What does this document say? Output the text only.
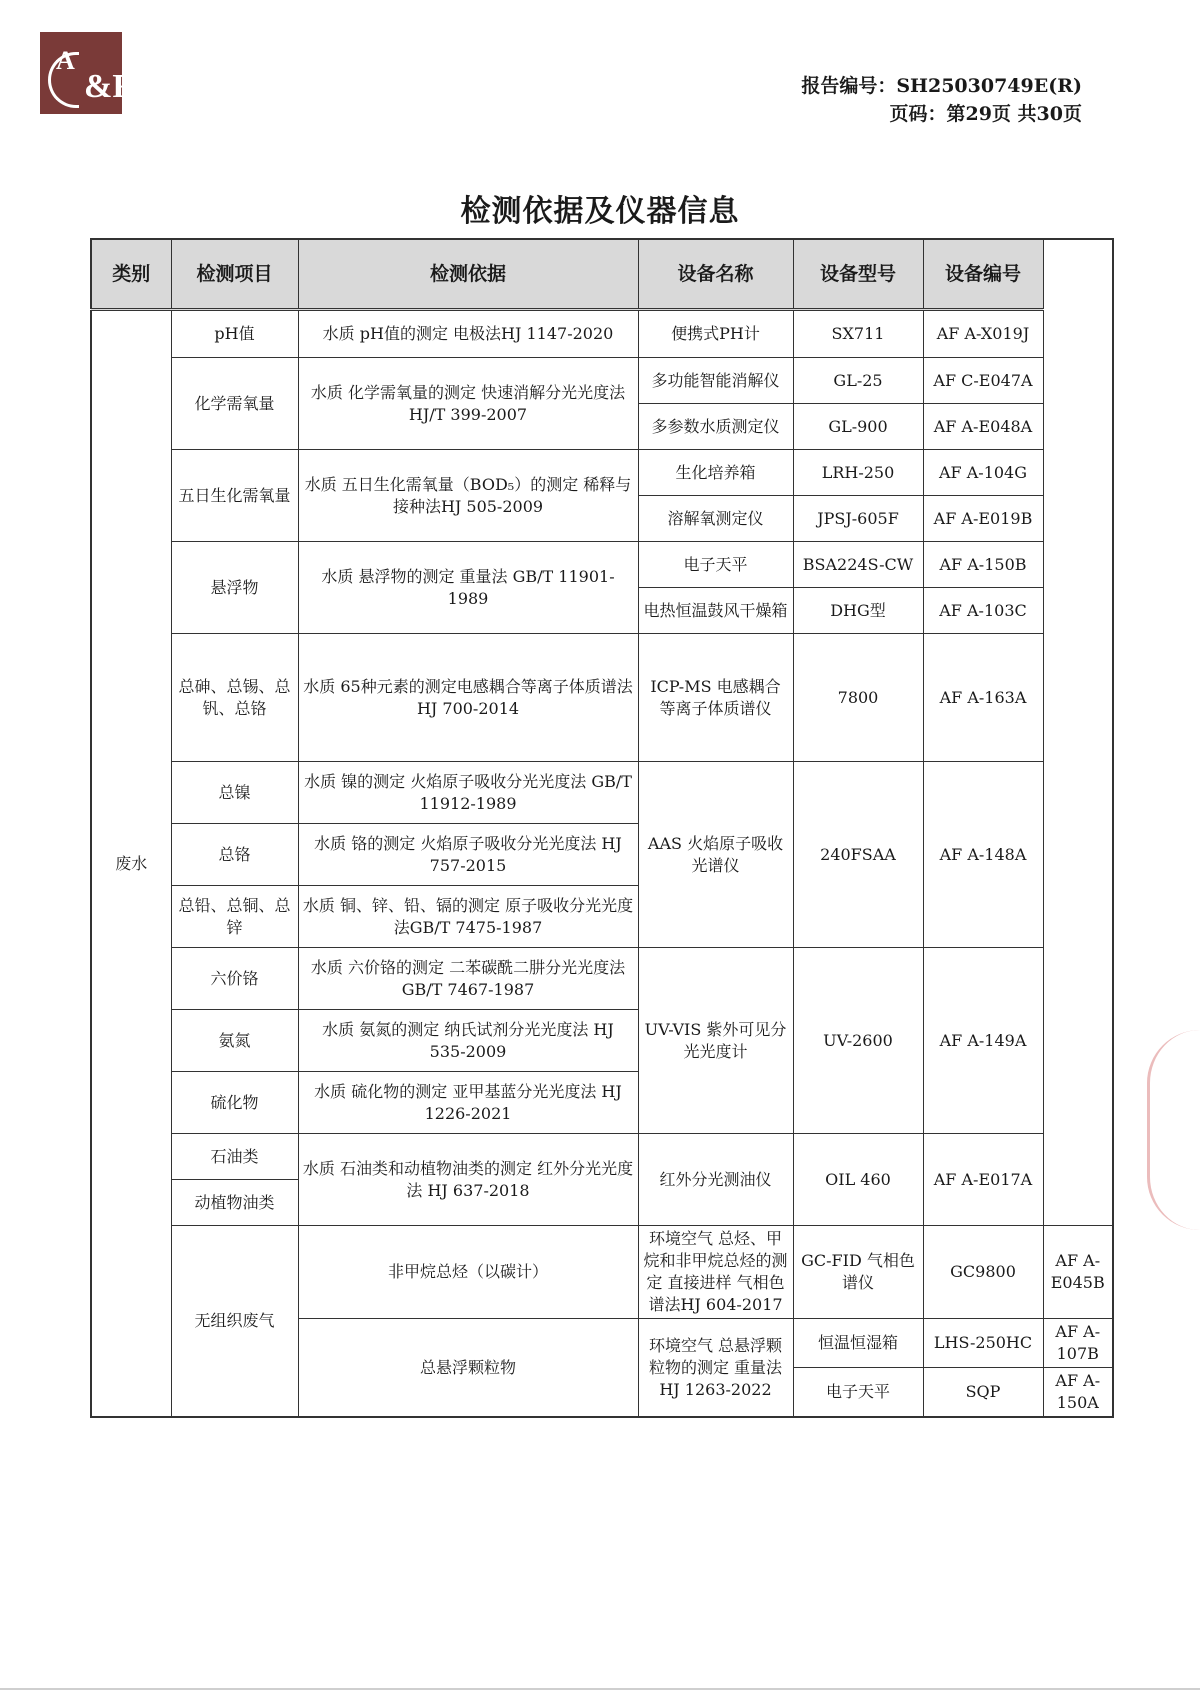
A
&F	报告编号：SH25030749E(R)
页码：第29页 共30页
检测依据及仪器信息
类别	检测项目	检测依据	设备名称	设备型号	设备编号	
废水	pH值	水质 pH值的测定 电极法HJ 1147-2020	便携式PH计	SX711	AF A-X019J	
	化学需氧量	水质 化学需氧量的测定 快速消解分光光度法 HJ/T 399-2007	多功能智能消解仪	GL-25	AF C-E047A	
			多参数水质测定仪	GL-900	AF A-E048A	
	五日生化需氧量	水质 五日生化需氧量（BOD₅）的测定 稀释与接种法HJ 505-2009	生化培养箱	LRH-250	AF A-104G	
			溶解氧测定仪	JPSJ-605F	AF A-E019B	
	悬浮物	水质 悬浮物的测定 重量法 GB/T 11901-1989	电子天平	BSA224S-CW	AF A-150B	
			电热恒温鼓风干燥箱	DHG型	AF A-103C	
	总砷、总锡、总钒、总铬	水质 65种元素的测定电感耦合等离子体质谱法 HJ 700-2014	ICP-MS 电感耦合等离子体质谱仪	7800	AF A-163A	
	总镍	水质 镍的测定 火焰原子吸收分光光度法 GB/T 11912-1989	AAS 火焰原子吸收光谱仪	240FSAA	AF A-148A	
	总铬	水质 铬的测定 火焰原子吸收分光光度法 HJ 757-2015				
	总铅、总铜、总锌	水质 铜、锌、铅、镉的测定 原子吸收分光光度法GB/T 7475-1987				
	六价铬	水质 六价铬的测定 二苯碳酰二肼分光光度法 GB/T 7467-1987	UV-VIS 紫外可见分光光度计	UV-2600	AF A-149A	
	氨氮	水质 氨氮的测定 纳氏试剂分光光度法 HJ 535-2009				
	硫化物	水质 硫化物的测定 亚甲基蓝分光光度法 HJ 1226-2021				
	石油类	水质 石油类和动植物油类的测定 红外分光光度法 HJ 637-2018	红外分光测油仪	OIL 460	AF A-E017A	
	动植物油类					
	无组织废气	非甲烷总烃（以碳计）	环境空气 总烃、甲烷和非甲烷总烃的测定 直接进样 气相色谱法HJ 604-2017	GC-FID 气相色谱仪	GC9800	AF A-E045B
		总悬浮颗粒物	环境空气 总悬浮颗粒物的测定 重量法 HJ 1263-2022	恒温恒湿箱	LHS-250HC	AF A-107B
				电子天平	SQP	AF A-150A
